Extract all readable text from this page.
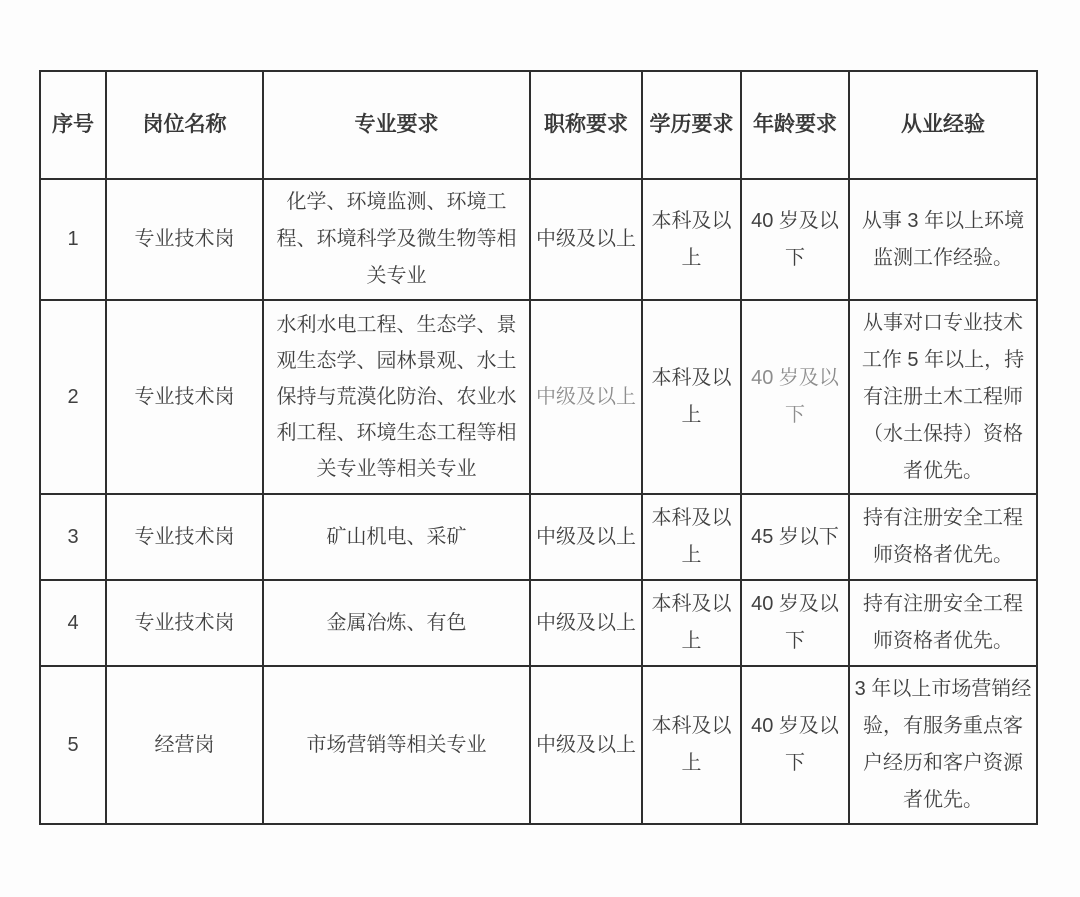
序号	岗位名称	专业要求	职称要求	学历要求	年龄要求	从业经验
1	专业技术岗	化学、环境监测、环境工程、环境科学及微生物等相关专业	中级及以上	本科及以上	40 岁及以下	从事 3 年以上环境监测工作经验。
2	专业技术岗	水利水电工程、生态学、景观生态学、园林景观、水土保持与荒漠化防治、农业水利工程、环境生态工程等相关专业等相关专业	中级及以上	本科及以上	40 岁及以下	从事对口专业技术工作 5 年以上，持有注册土木工程师（水土保持）资格者优先。
3	专业技术岗	矿山机电、采矿	中级及以上	本科及以上	45 岁以下	持有注册安全工程师资格者优先。
4	专业技术岗	金属冶炼、有色	中级及以上	本科及以上	40 岁及以下	持有注册安全工程师资格者优先。
5	经营岗	市场营销等相关专业	中级及以上	本科及以上	40 岁及以下	3 年以上市场营销经验，有服务重点客户经历和客户资源者优先。
